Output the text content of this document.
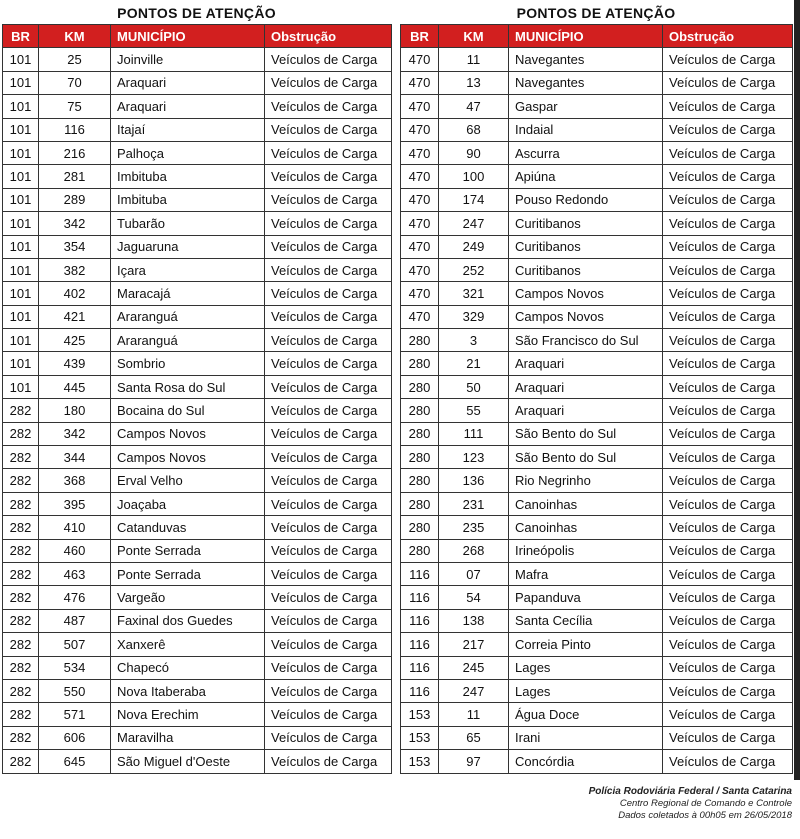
PONTOS DE ATENÇÃO
BR	KM	MUNICÍPIO	Obstrução
101	25	Joinville	Veículos de Carga
101	70	Araquari	Veículos de Carga
101	75	Araquari	Veículos de Carga
101	116	Itajaí	Veículos de Carga
101	216	Palhoça	Veículos de Carga
101	281	Imbituba	Veículos de Carga
101	289	Imbituba	Veículos de Carga
101	342	Tubarão	Veículos de Carga
101	354	Jaguaruna	Veículos de Carga
101	382	Içara	Veículos de Carga
101	402	Maracajá	Veículos de Carga
101	421	Araranguá	Veículos de Carga
101	425	Araranguá	Veículos de Carga
101	439	Sombrio	Veículos de Carga
101	445	Santa Rosa do Sul	Veículos de Carga
282	180	Bocaina do Sul	Veículos de Carga
282	342	Campos Novos	Veículos de Carga
282	344	Campos Novos	Veículos de Carga
282	368	Erval Velho	Veículos de Carga
282	395	Joaçaba	Veículos de Carga
282	410	Catanduvas	Veículos de Carga
282	460	Ponte Serrada	Veículos de Carga
282	463	Ponte Serrada	Veículos de Carga
282	476	Vargeão	Veículos de Carga
282	487	Faxinal dos Guedes	Veículos de Carga
282	507	Xanxerê	Veículos de Carga
282	534	Chapecó	Veículos de Carga
282	550	Nova Itaberaba	Veículos de Carga
282	571	Nova Erechim	Veículos de Carga
282	606	Maravilha	Veículos de Carga
282	645	São Miguel d'Oeste	Veículos de Carga
PONTOS DE ATENÇÃO
BR	KM	MUNICÍPIO	Obstrução
470	11	Navegantes	Veículos de Carga
470	13	Navegantes	Veículos de Carga
470	47	Gaspar	Veículos de Carga
470	68	Indaial	Veículos de Carga
470	90	Ascurra	Veículos de Carga
470	100	Apiúna	Veículos de Carga
470	174	Pouso Redondo	Veículos de Carga
470	247	Curitibanos	Veículos de Carga
470	249	Curitibanos	Veículos de Carga
470	252	Curitibanos	Veículos de Carga
470	321	Campos Novos	Veículos de Carga
470	329	Campos Novos	Veículos de Carga
280	3	São Francisco do Sul	Veículos de Carga
280	21	Araquari	Veículos de Carga
280	50	Araquari	Veículos de Carga
280	55	Araquari	Veículos de Carga
280	111	São Bento do Sul	Veículos de Carga
280	123	São Bento do Sul	Veículos de Carga
280	136	Rio Negrinho	Veículos de Carga
280	231	Canoinhas	Veículos de Carga
280	235	Canoinhas	Veículos de Carga
280	268	Irineópolis	Veículos de Carga
116	07	Mafra	Veículos de Carga
116	54	Papanduva	Veículos de Carga
116	138	Santa Cecília	Veículos de Carga
116	217	Correia Pinto	Veículos de Carga
116	245	Lages	Veículos de Carga
116	247	Lages	Veículos de Carga
153	11	Água Doce	Veículos de Carga
153	65	Irani	Veículos de Carga
153	97	Concórdia	Veículos de Carga
Polícia Rodoviária Federal / Santa Catarina
Centro Regional de Comando e Controle
Dados coletados à 00h05 em 26/05/2018
